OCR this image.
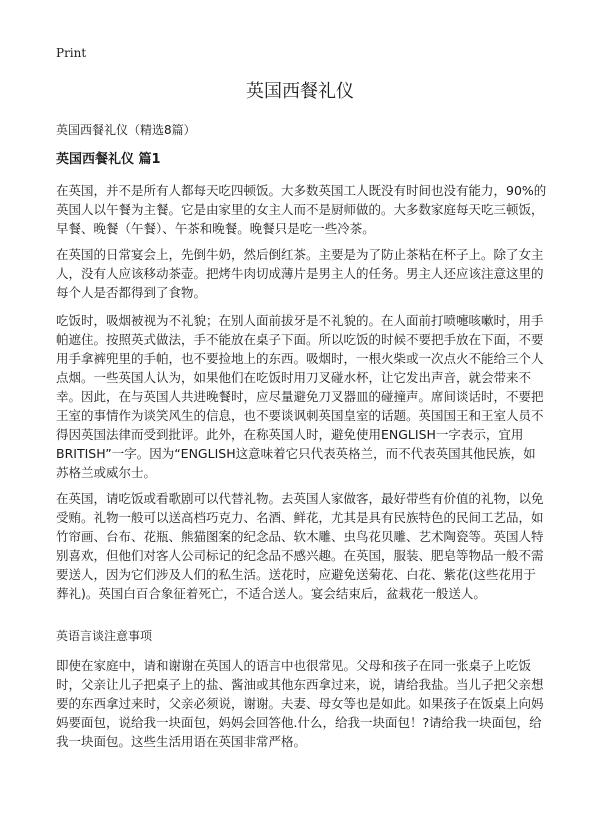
Print
英国西餐礼仪
英国西餐礼仪（精选8篇）
英国西餐礼仪 篇1

在英国，并不是所有人都每天吃四顿饭。大多数英国工人既没有时间也没有能力，90%的英国人以午餐为主餐。它是由家里的女主人而不是厨师做的。大多数家庭每天吃三顿饭，早餐、晚餐（午餐）、午茶和晚餐。晚餐只是吃一些冷茶。

在英国的日常宴会上，先倒牛奶，然后倒红茶。主要是为了防止茶粘在杯子上。除了女主人，没有人应该移动茶壶。把烤牛肉切成薄片是男主人的任务。男主人还应该注意这里的每个人是否都得到了食物。

吃饭时，吸烟被视为不礼貌；在别人面前拔牙是不礼貌的。在人面前打喷嚏咳嗽时，用手帕遮住。按照英式做法，手不能放在桌子下面。所以吃饭的时候不要把手放在下面，不要用手拿裤兜里的手帕，也不要捡地上的东西。吸烟时，一根火柴或一次点火不能给三个人点烟。一些英国人认为，如果他们在吃饭时用刀叉碰水杯，让它发出声音，就会带来不幸。因此，在与英国人共进晚餐时，应尽量避免刀叉器皿的碰撞声。席间谈话时，不要把王室的事情作为谈笑风生的信息，也不要谈讽刺英国皇室的话题。英国国王和王室人员不得因英国法律而受到批评。此外，在称英国人时，避免使用ENGLISH一字表示，宜用BRITISH”一字。因为“ENGLISH这意味着它只代表英格兰，而不代表英国其他民族，如苏格兰或威尔士。

在英国，请吃饭或看歌剧可以代替礼物。去英国人家做客，最好带些有价值的礼物，以免受贿。礼物一般可以送高档巧克力、名酒、鲜花，尤其是具有民族特色的民间工艺品，如竹帘画、台布、花瓶、熊猫图案的纪念品、软木雕、虫鸟花贝雕、艺术陶瓷等。英国人特别喜欢，但他们对客人公司标记的纪念品不感兴趣。在英国，服装、肥皂等物品一般不需要送人，因为它们涉及人们的私生活。送花时，应避免送菊花、白花、紫花(这些花用于葬礼)。英国白百合象征着死亡，不适合送人。宴会结束后，盆栽花一般送人。

英语言谈注意事项

即使在家庭中，请和谢谢在英国人的语言中也很常见。父母和孩子在同一张桌子上吃饭时，父亲让儿子把桌子上的盐、酱油或其他东西拿过来，说，请给我盐。当儿子把父亲想要的东西拿过来时，父亲必须说，谢谢。夫妻、母女等也是如此。如果孩子在饭桌上向妈妈要面包，说给我一块面包，妈妈会回答他.什么，给我一块面包！?请给我一块面包，给我一块面包。这些生活用语在英国非常严格。
